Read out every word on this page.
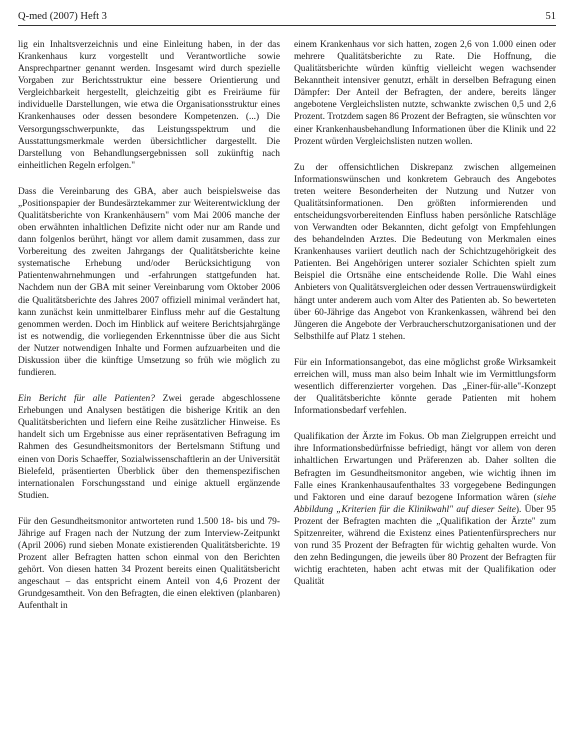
Q-med (2007) Heft 3	51

lig ein Inhaltsverzeichnis und eine Einleitung haben, in der das Krankenhaus kurz vorgestellt und Verantwortliche sowie Ansprechpartner genannt werden. Insgesamt wird durch spezielle Vorgaben zur Berichtsstruktur eine bessere Orientierung und Vergleichbarkeit hergestellt, gleichzeitig gibt es Freiräume für individuelle Darstellungen, wie etwa die Organisationsstruktur eines Krankenhauses oder dessen besondere Kompetenzen. (...) Die Versorgungsschwerpunkte, das Leistungsspektrum und die Ausstattungsmerkmale werden übersichtlicher dargestellt. Die Darstellung von Behandlungsergebnissen soll zukünftig nach einheitlichen Regeln erfolgen."

Dass die Vereinbarung des GBA, aber auch beispielsweise das „Positionspapier der Bundesärztekammer zur Weiterentwicklung der Qualitätsberichte von Krankenhäusern" vom Mai 2006 manche der oben erwähnten inhaltlichen Defizite nicht oder nur am Rande und dann folgenlos berührt, hängt vor allem damit zusammen, dass zur Vorbereitung des zweiten Jahrgangs der Qualitätsberichte keine systematische Erhebung und/oder Berücksichtigung von Patientenwahrnehmungen und -erfahrungen stattgefunden hat. Nachdem nun der GBA mit seiner Vereinbarung vom Oktober 2006 die Qualitätsberichte des Jahres 2007 offiziell minimal verändert hat, kann zunächst kein unmittelbarer Einfluss mehr auf die Gestaltung genommen werden. Doch im Hinblick auf weitere Berichtsjahrgänge ist es notwendig, die vorliegenden Erkenntnisse über die aus Sicht der Nutzer notwendigen Inhalte und Formen aufzuarbeiten und die Diskussion über die künftige Umsetzung so früh wie möglich zu fundieren.

Ein Bericht für alle Patienten? Zwei gerade abgeschlossene Erhebungen und Analysen bestätigen die bisherige Kritik an den Qualitätsberichten und liefern eine Reihe zusätzlicher Hinweise. Es handelt sich um Ergebnisse aus einer repräsentativen Befragung im Rahmen des Gesundheitsmonitors der Bertelsmann Stiftung und einen von Doris Schaeffer, Sozialwissenschaftlerin an der Universität Bielefeld, präsentierten Überblick über den themenspezifischen internationalen Forschungsstand und einige aktuell ergänzende Studien.

Für den Gesundheitsmonitor antworteten rund 1.500 18- bis und 79-Jährige auf Fragen nach der Nutzung der zum Interview-Zeitpunkt (April 2006) rund sieben Monate existierenden Qualitätsberichte. 19 Prozent aller Befragten hatten schon einmal von den Berichten gehört. Von diesen hatten 34 Prozent bereits einen Qualitätsbericht angeschaut – das entspricht einem Anteil von 4,6 Prozent der Grundgesamtheit. Von den Befragten, die einen elektiven (planbaren) Aufenthalt in

einem Krankenhaus vor sich hatten, zogen 2,6 von 1.000 einen oder mehrere Qualitätsberichte zu Rate. Die Hoffnung, die Qualitätsberichte würden künftig vielleicht wegen wachsender Bekanntheit intensiver genutzt, erhält in derselben Befragung einen Dämpfer: Der Anteil der Befragten, der andere, bereits länger angebotene Vergleichslisten nutzte, schwankte zwischen 0,5 und 2,6 Prozent. Trotzdem sagen 86 Prozent der Befragten, sie wünschten vor einer Krankenhausbehandlung Informationen über die Klinik und 22 Prozent würden Vergleichslisten nutzen wollen.

Zu der offensichtlichen Diskrepanz zwischen allgemeinen Informationswünschen und konkretem Gebrauch des Angebotes treten weitere Besonderheiten der Nutzung und Nutzer von Qualitätsinformationen. Den größten informierenden und entscheidungsvorbereitenden Einfluss haben persönliche Ratschläge von Verwandten oder Bekannten, dicht gefolgt von Empfehlungen des behandelnden Arztes. Die Bedeutung von Merkmalen eines Krankenhauses variiert deutlich nach der Schichtzugehörigkeit des Patienten. Bei Angehörigen unterer sozialer Schichten spielt zum Beispiel die Ortsnähe eine entscheidende Rolle. Die Wahl eines Anbieters von Qualitätsvergleichen oder dessen Vertrauenswürdigkeit hängt unter anderem auch vom Alter des Patienten ab. So bewerteten über 60-Jährige das Angebot von Krankenkassen, während bei den Jüngeren die Angebote der Verbraucherschutzorganisationen und der Selbsthilfe auf Platz 1 stehen.

Für ein Informationsangebot, das eine möglichst große Wirksamkeit erreichen will, muss man also beim Inhalt wie im Vermittlungsform wesentlich differenzierter vorgehen. Das „Einer-für-alle"-Konzept der Qualitätsberichte könnte gerade Patienten mit hohem Informationsbedarf verfehlen.

Qualifikation der Ärzte im Fokus. Ob man Zielgruppen erreicht und ihre Informationsbedürfnisse befriedigt, hängt vor allem von deren inhaltlichen Erwartungen und Präferenzen ab. Daher sollten die Befragten im Gesundheitsmonitor angeben, wie wichtig ihnen im Falle eines Krankenhausaufenthaltes 33 vorgegebene Bedingungen und Faktoren und eine darauf bezogene Information wären (siehe Abbildung „Kriterien für die Klinikwahl" auf dieser Seite). Über 95 Prozent der Befragten machten die „Qualifikation der Ärzte" zum Spitzenreiter, während die Existenz eines Patientenfürsprechers nur von rund 35 Prozent der Befragten für wichtig gehalten wurde. Von den zehn Bedingungen, die jeweils über 80 Prozent der Befragten für wichtig erachteten, haben acht etwas mit der Qualifikation oder Qualität
